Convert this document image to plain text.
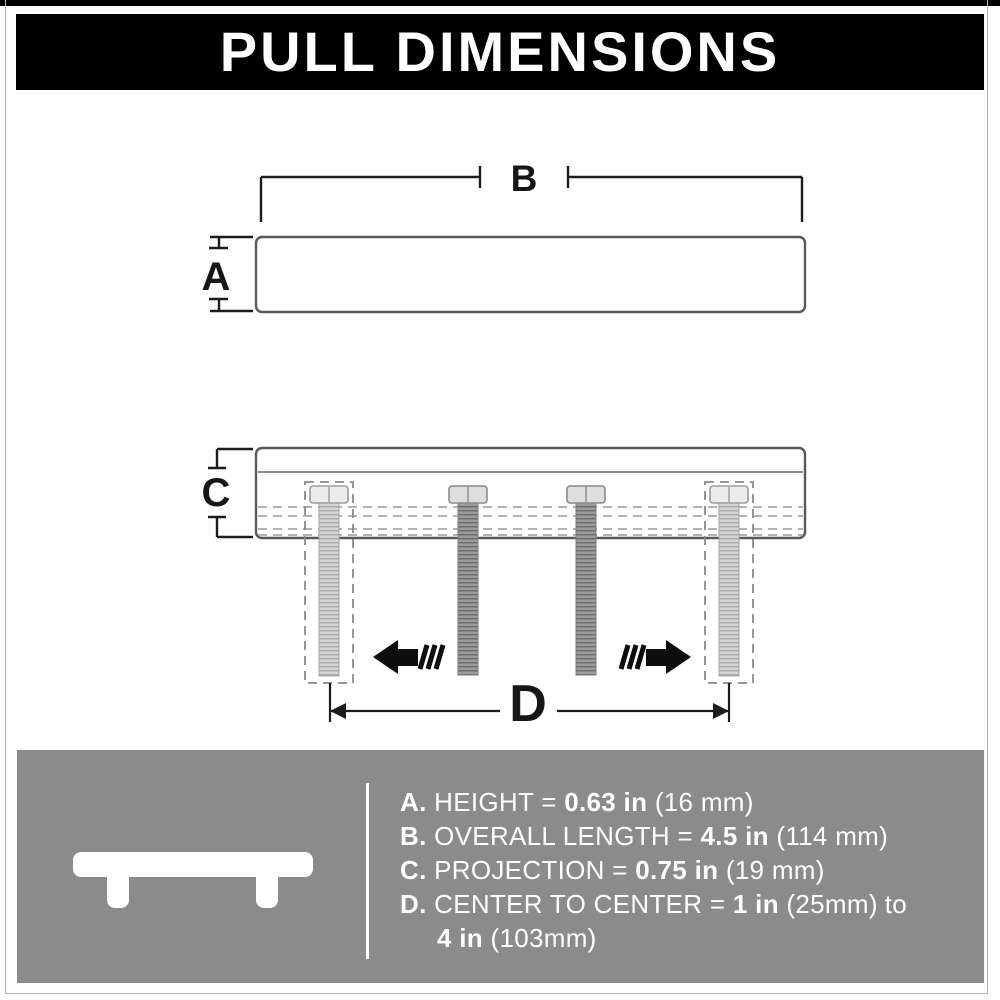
PULL DIMENSIONS
B
A
C
D
A. HEIGHT = 0.63 in (16 mm)
B. OVERALL LENGTH = 4.5 in (114 mm)
C. PROJECTION = 0.75 in (19 mm)
D. CENTER TO CENTER = 1 in (25mm) to
4 in (103mm)
